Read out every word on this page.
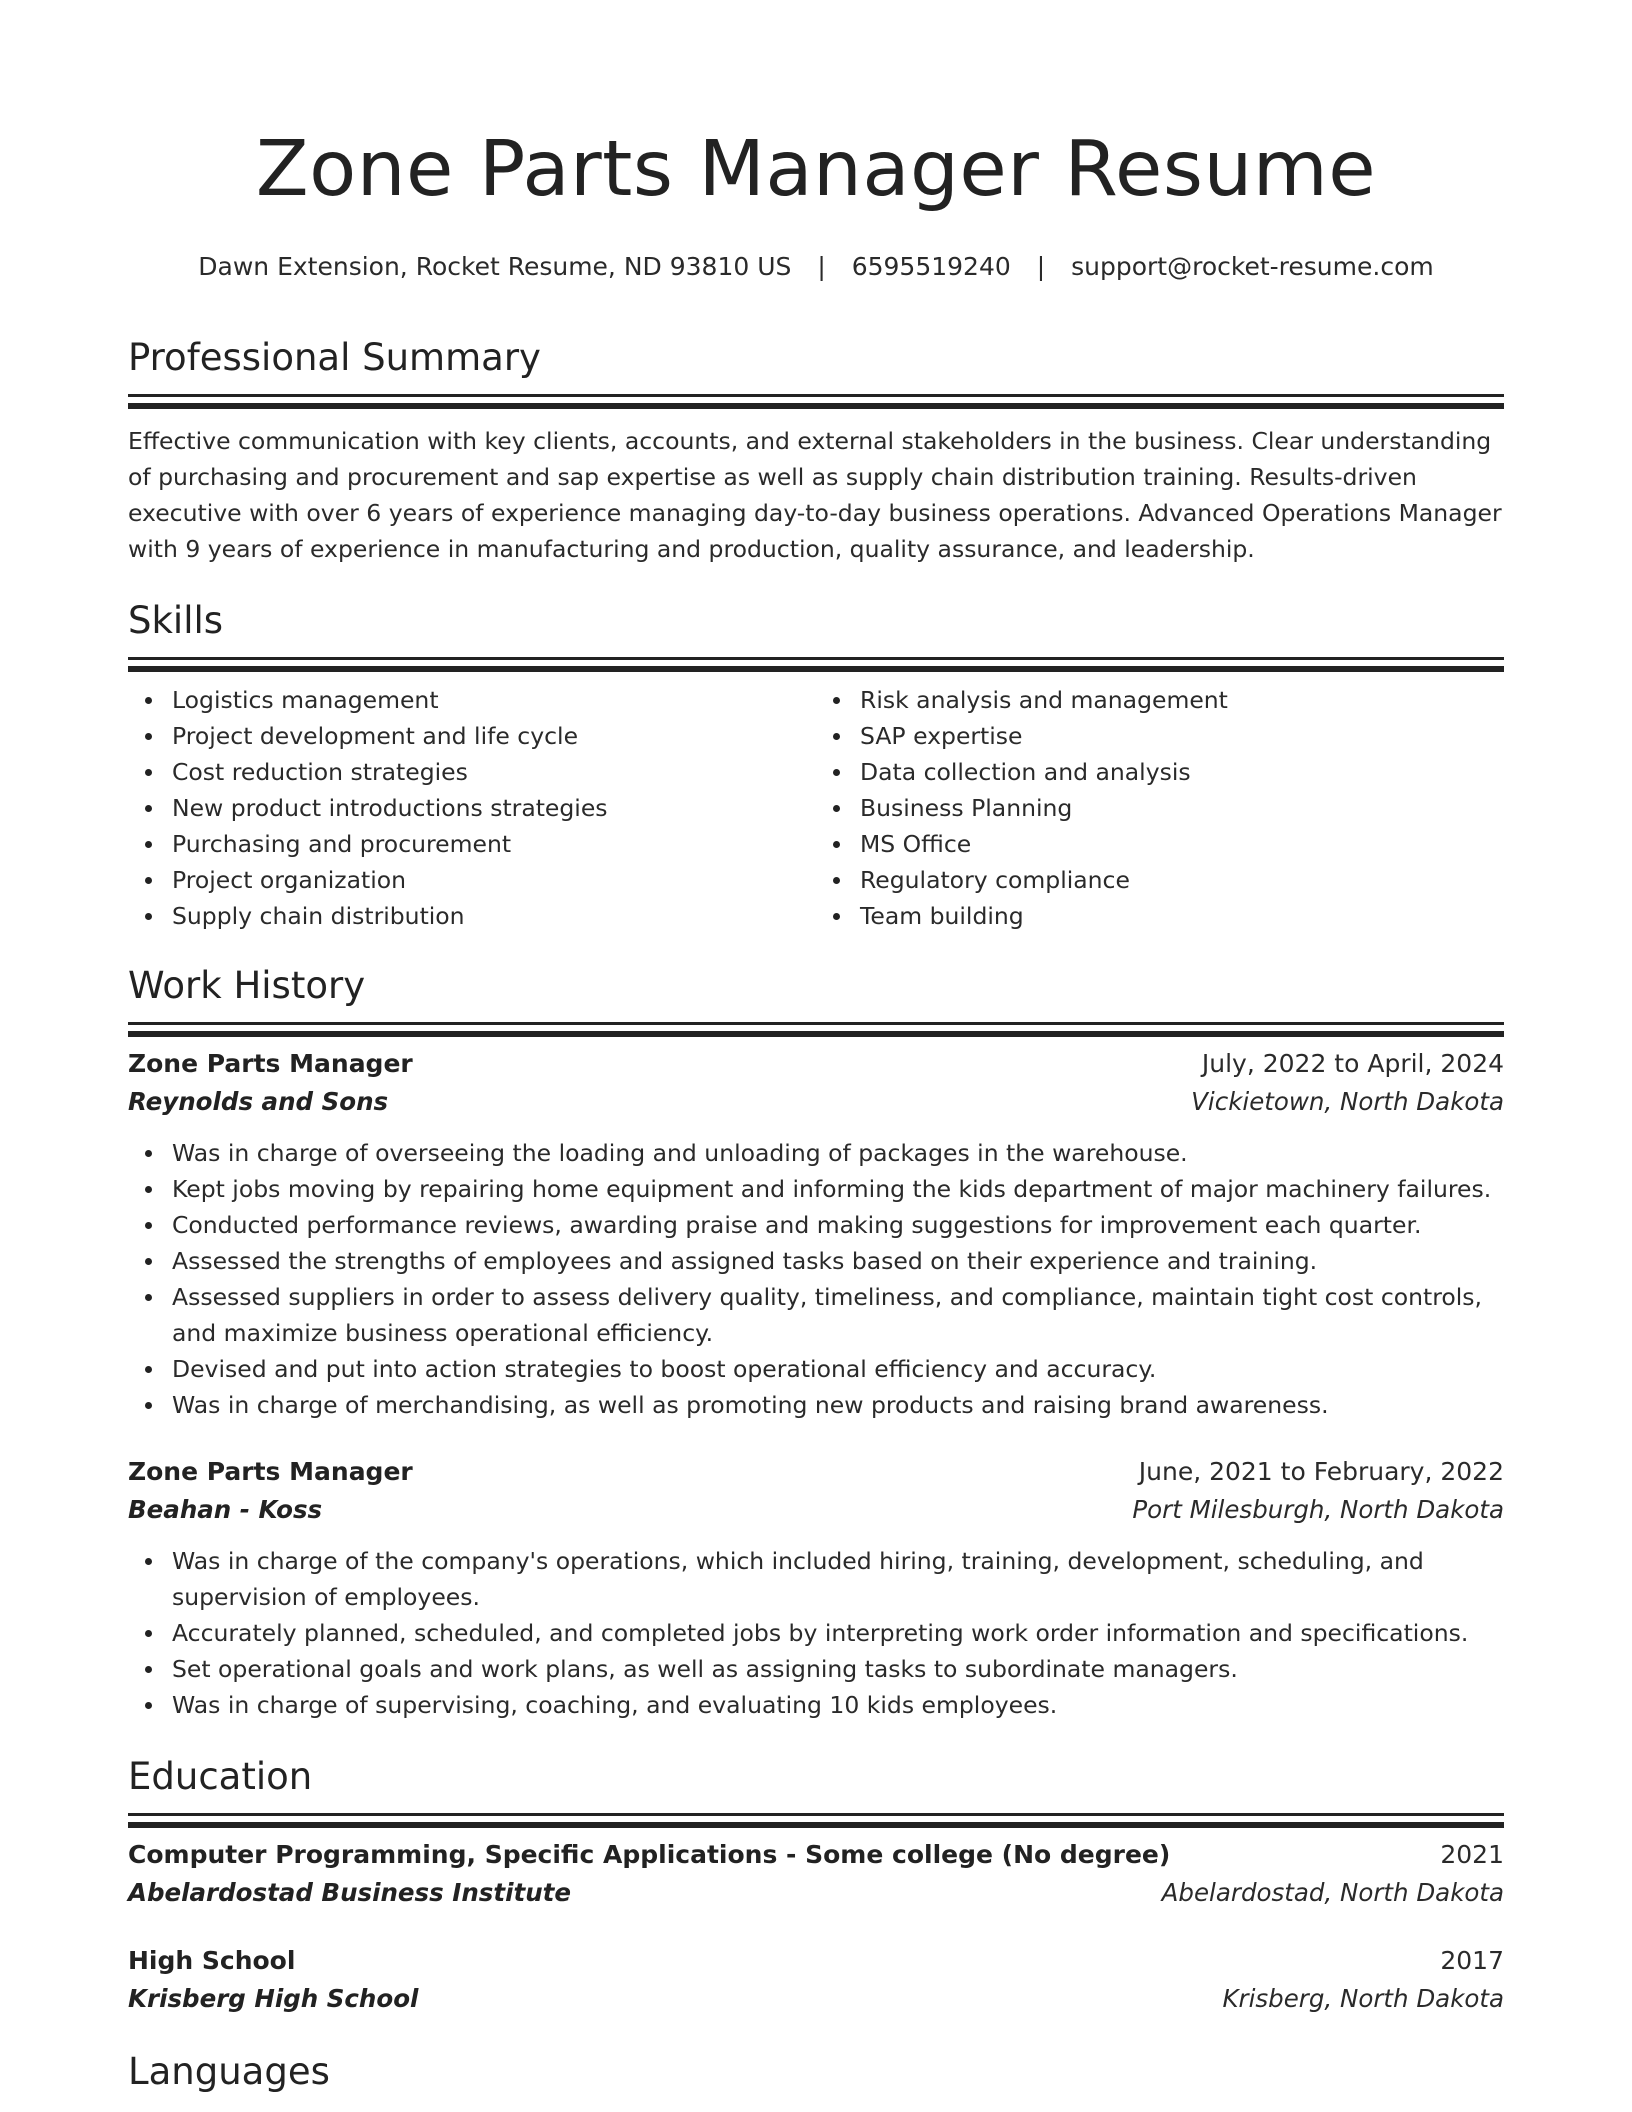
Zone Parts Manager Resume
Dawn Extension, Rocket Resume, ND 93810 US | 6595519240 | support@rocket-resume.com
Professional Summary

Effective communication with key clients, accounts, and external stakeholders in the business. Clear understanding of purchasing and procurement and sap expertise as well as supply chain distribution training. Results-driven executive with over 6 years of experience managing day-to-day business operations. Advanced Operations Manager with 9 years of experience in manufacturing and production, quality assurance, and leadership.

Skills
Logistics management
Project development and life cycle
Cost reduction strategies
New product introductions strategies
Purchasing and procurement
Project organization
Supply chain distribution
Risk analysis and management
SAP expertise
Data collection and analysis
Business Planning
MS Office
Regulatory compliance
Team building
Work History
Zone Parts Manager	July, 2022 to April, 2024
Reynolds and Sons	Vickietown, North Dakota
Was in charge of overseeing the loading and unloading of packages in the warehouse.
Kept jobs moving by repairing home equipment and informing the kids department of major machinery failures.
Conducted performance reviews, awarding praise and making suggestions for improvement each quarter.
Assessed the strengths of employees and assigned tasks based on their experience and training.
Assessed suppliers in order to assess delivery quality, timeliness, and compliance, maintain tight cost controls, and maximize business operational efficiency.
Devised and put into action strategies to boost operational efficiency and accuracy.
Was in charge of merchandising, as well as promoting new products and raising brand awareness.
Zone Parts Manager	June, 2021 to February, 2022
Beahan - Koss	Port Milesburgh, North Dakota
Was in charge of the company's operations, which included hiring, training, development, scheduling, and supervision of employees.
Accurately planned, scheduled, and completed jobs by interpreting work order information and specifications.
Set operational goals and work plans, as well as assigning tasks to subordinate managers.
Was in charge of supervising, coaching, and evaluating 10 kids employees.
Education
Computer Programming, Specific Applications - Some college (No degree)	2021
Abelardostad Business Institute	Abelardostad, North Dakota
High School	2017
Krisberg High School	Krisberg, North Dakota
Languages
